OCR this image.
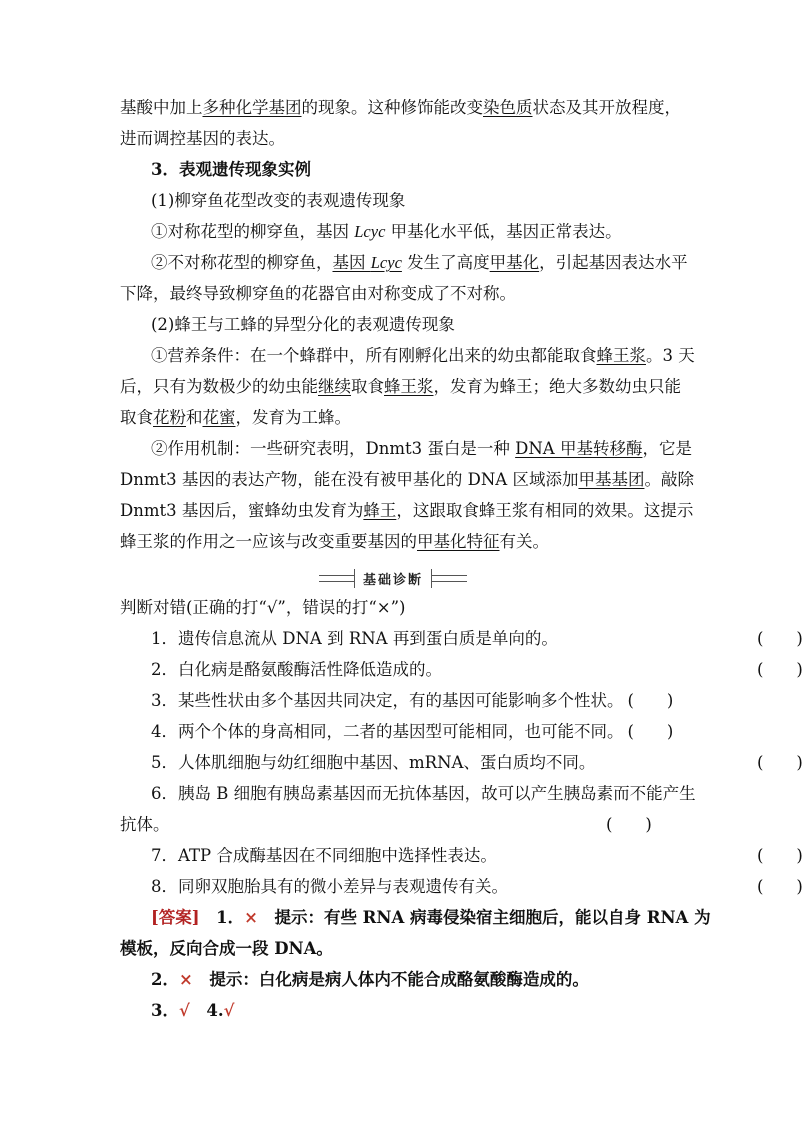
基酸中加上多种化学基团的现象。这种修饰能改变染色质状态及其开放程度，
进而调控基因的表达。
3．表观遗传现象实例
(1)柳穿鱼花型改变的表观遗传现象
①对称花型的柳穿鱼，基因 Lcyc 甲基化水平低，基因正常表达。
②不对称花型的柳穿鱼，基因 Lcyc 发生了高度甲基化，引起基因表达水平
下降，最终导致柳穿鱼的花器官由对称变成了不对称。
(2)蜂王与工蜂的异型分化的表观遗传现象
①营养条件：在一个蜂群中，所有刚孵化出来的幼虫都能取食蜂王浆。3 天
后，只有为数极少的幼虫能继续取食蜂王浆，发育为蜂王；绝大多数幼虫只能
取食花粉和花蜜，发育为工蜂。
②作用机制：一些研究表明，Dnmt3 蛋白是一种 DNA 甲基转移酶，它是
Dnmt3 基因的表达产物，能在没有被甲基化的 DNA 区域添加甲基基团。敲除
Dnmt3 基因后，蜜蜂幼虫发育为蜂王，这跟取食蜂王浆有相同的效果。这提示
蜂王浆的作用之一应该与改变重要基因的甲基化特征有关。
基础诊断
判断对错(正确的打“√”，错误的打“×”)
1．遗传信息流从 DNA 到 RNA 再到蛋白质是单向的。	(　　)
2．白化病是酪氨酸酶活性降低造成的。	(　　)
3．某些性状由多个基因共同决定，有的基因可能影响多个性状。 (　　)
4．两个个体的身高相同，二者的基因型可能相同，也可能不同。 (　　)
5．人体肌细胞与幼红细胞中基因、mRNA、蛋白质均不同。	(　　)
6．胰岛 B 细胞有胰岛素基因而无抗体基因，故可以产生胰岛素而不能产生
抗体。	(　　)
7．ATP 合成酶基因在不同细胞中选择性表达。	(　　)
8．同卵双胞胎具有的微小差异与表观遗传有关。	(　　)
[答案]　 1．×　 提示：有些 RNA 病毒侵染宿主细胞后，能以自身 RNA 为
模板，反向合成一段 DNA。
2．×　 提示：白化病是病人体内不能合成酪氨酸酶造成的。
3．√　 4.√
